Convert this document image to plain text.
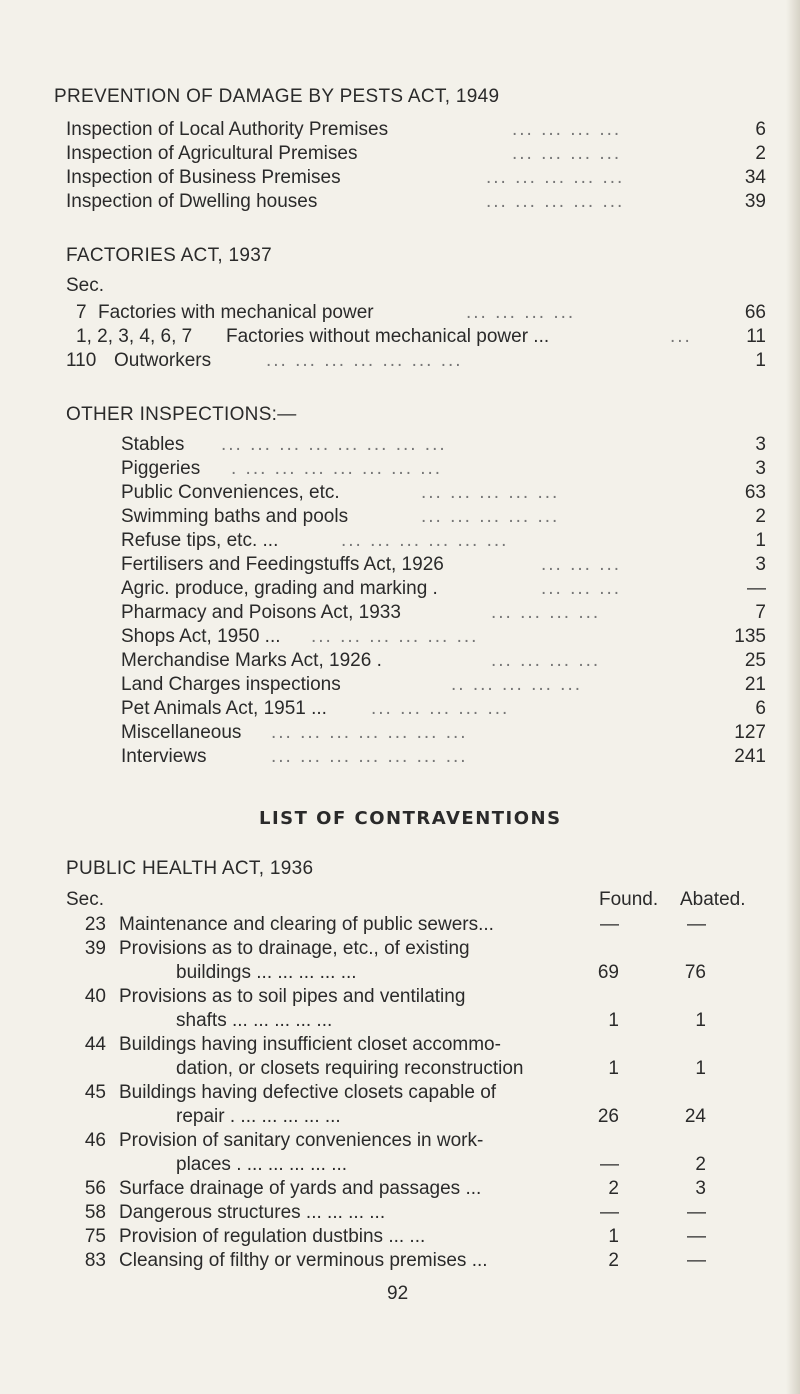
PREVENTION OF DAMAGE BY PESTS ACT, 1949
Inspection of Local Authority Premises	... ... ... ...	6
Inspection of Agricultural Premises	... ... ... ...	2
Inspection of Business Premises	... ... ... ... ...	34
Inspection of Dwelling houses	... ... ... ... ...	39
FACTORIES ACT, 1937
Sec.
7 Factories with mechanical power	... ... ... ...	66
1, 2, 3, 4, 6, 7 Factories without mechanical power ...	...	11
110 Outworkers	... ... ... ... ... ... ...	1
OTHER INSPECTIONS:—
Stables ... ... ... ... ... ... ... ...	3
Piggeries . ... ... ... ... ... ... ...	3
Public Conveniences, etc.	... ... ... ... ...	63
Swimming baths and pools	... ... ... ... ...	2
Refuse tips, etc. ...	... ... ... ... ... ...	1
Fertilisers and Feedingstuffs Act, 1926	... ... ...	3
Agric. produce, grading and marking .	... ... ...	—
Pharmacy and Poisons Act, 1933	... ... ... ...	7
Shops Act, 1950 ... ... ... ... ... ... ...	135
Merchandise Marks Act, 1926 .	... ... ... ...	25
Land Charges inspections	.. ... ... ... ...	21
Pet Animals Act, 1951 ... ... ... ... ... ...	6
Miscellaneous ... ... ... ... ... ... ...	127
Interviews	... ... ... ... ... ... ...	241
LIST OF CONTRAVENTIONS
PUBLIC HEALTH ACT, 1936
Sec.	Found. Abated.
23 Maintenance and clearing of public sewers...	—	—
39 Provisions as to drainage, etc., of existing
buildings ... ... ... ... ...	69	76
40 Provisions as to soil pipes and ventilating
shafts ... ... ... ... ...	1	1
44 Buildings having insufficient closet accommo-
dation, or closets requiring reconstruction	1	1
45 Buildings having defective closets capable of
repair . ... ... ... ... ...	26	24
46 Provision of sanitary conveniences in work-
places . ... ... ... ... ...	—	2
56 Surface drainage of yards and passages ...	2	3
58 Dangerous structures ... ... ... ...	—	—
75 Provision of regulation dustbins ... ...	1	—
83 Cleansing of filthy or verminous premises ...	2	—
92
